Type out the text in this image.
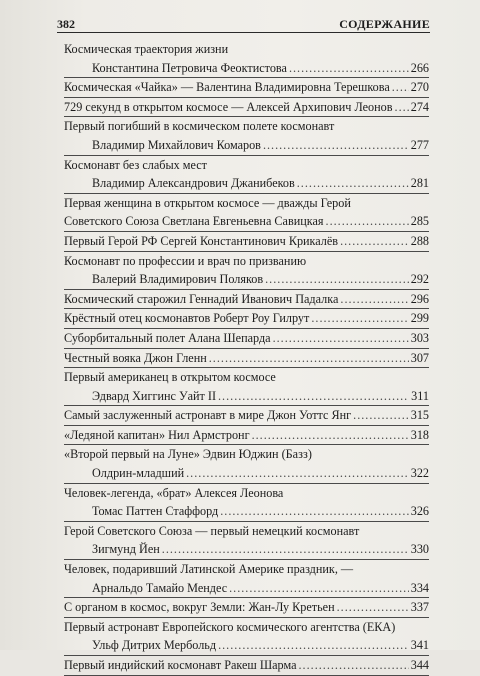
382	СОДЕРЖАНИЕ
Космическая траектория жизни
Константина Петровича Феоктистова .....	266
Космическая «Чайка» — Валентина Владимировна Терешкова ..... 270
729 секунд в открытом космосе — Алексей Архипович Леонов ..... 274
Первый погибший в космическом полете космонавт
Владимир Михайлович Комаров .....	277
Космонавт без слабых мест
Владимир Александрович Джанибеков .....	281
Первая женщина в открытом космосе — дважды Герой
Советского Союза Светлана Евгеньевна Савицкая .....	285
Первый Герой РФ Сергей Константинович Крикалёв .....	288
Космонавт по профессии и врач по призванию
Валерий Владимирович Поляков .....	292
Космический старожил Геннадий Иванович Падалка .....	296
Крёстный отец космонавтов Роберт Роу Гилрут .....	299
Суборбитальный полет Алана Шепарда .....	303
Честный вояка Джон Гленн .....	307
Первый американец в открытом космосе
Эдвард Хиггинс Уайт II .....	311
Самый заслуженный астронавт в мире Джон Уоттс Янг .....	315
«Ледяной капитан» Нил Армстронг .....	318
«Второй первый на Луне» Эдвин Юджин (Базз)
Олдрин-младший .....	322
Человек-легенда, «брат» Алексея Леонова
Томас Паттен Стаффорд .....	326
Герой Советского Союза — первый немецкий космонавт
Зигмунд Йен .....	330
Человек, подаривший Латинской Америке праздник, —
Арнальдо Тамайо Мендес .....	334
С органом в космос, вокруг Земли: Жан-Лу Кретьен .....	337
Первый астронавт Европейского космического агентства (ЕКА)
Ульф Дитрих Мербольд .....	341
Первый индийский космонавт Ракеш Шарма .....	344
